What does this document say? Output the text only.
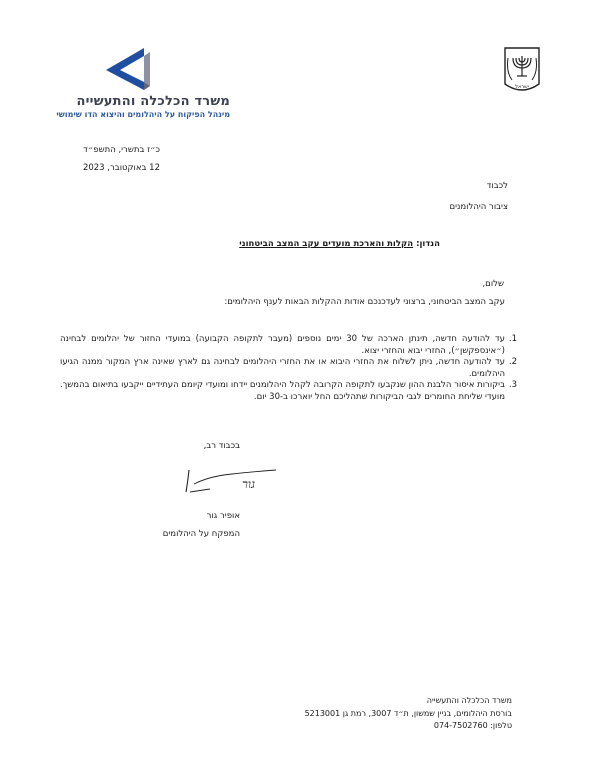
משרד הכלכלה והתעשייה
מינהל הפיקוח על היהלומים והיצוא הדו שימושי
ישראל
כ״ז בתשרי, התשפ״ד
12 באוקטובר, 2023
לכבוד
ציבור היהלומנים
הנדון: הקלות והארכת מועדים עקב המצב הביטחוני
שלום,
עקב המצב הביטחוני, ברצוני לעדכנכם אודות ההקלות הבאות לענף היהלומים:
1.
עד להודעה חדשה, תינתן הארכה של 30 ימים נוספים (מעבר לתקופה הקבועה) במועדי החזור של יהלומים לבחינה (״אינספקשן״), החזרי יבוא והחזרי יצוא.
2.
עד להודעה חדשה, ניתן לשלוח את החזרי היבוא או את החזרי היהלומים לבחינה גם לארץ שאינה ארץ המקור ממנה הגיעו היהלומים.
3.
ביקורות איסור הלבנת ההון שנקבעו לתקופה הקרובה לקהל היהלומנים יידחו ומועדי קיומם העתידיים ייקבעו בתיאום בהמשך. מועדי שליחת החומרים לגבי הביקורות שתהליכם החל יוארכו ב-30 יום.
בכבוד רב,
גור
אופיר גור
המפקח על היהלומים
משרד הכלכלה והתעשייה
בורסת היהלומים, בניין שמשון, ת״ד 3007, רמת גן 5213001
טלפון: 074-7502760
